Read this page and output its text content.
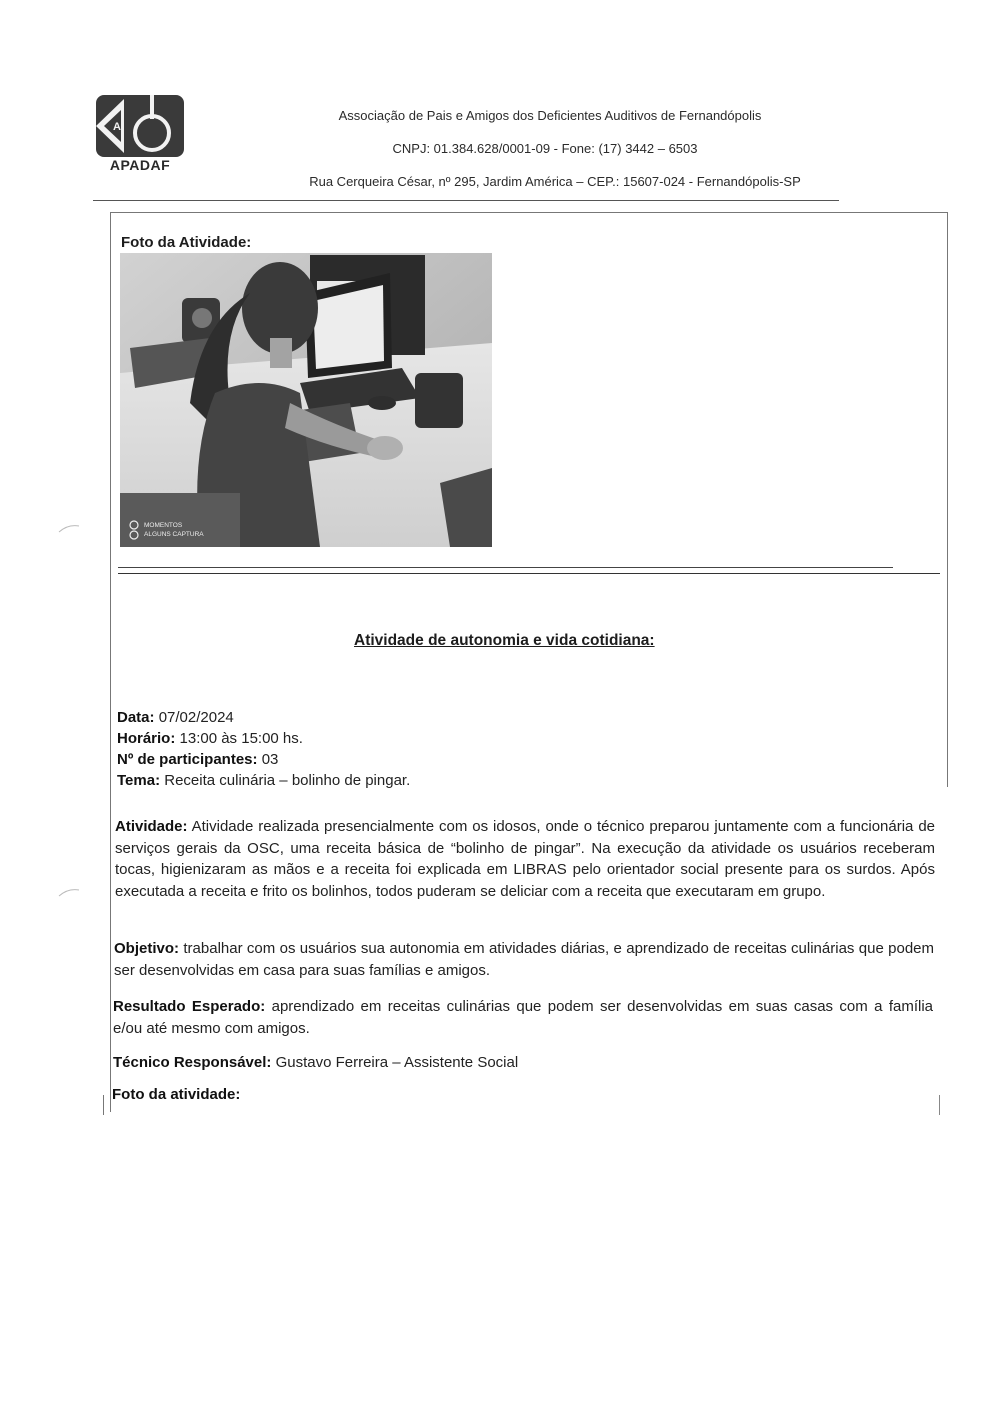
A
APADAF
Associação de Pais e Amigos dos Deficientes Auditivos de Fernandópolis
CNPJ: 01.384.628/0001-09 - Fone: (17) 3442 – 6503
Rua Cerqueira César, nº 295, Jardim América – CEP.: 15607-024 - Fernandópolis-SP
Foto da Atividade:
MOMENTOS
ALGUNS CAPTURA
Atividade de autonomia e vida cotidiana:
Data: 07/02/2024
Horário: 13:00 às 15:00 hs.
Nº de participantes: 03
Tema: Receita culinária – bolinho de pingar.
Atividade: Atividade realizada presencialmente com os idosos, onde o técnico preparou juntamente com a funcionária de serviços gerais da OSC, uma receita básica de “bolinho de pingar”. Na execução da atividade os usuários receberam tocas, higienizaram as mãos e a receita foi explicada em LIBRAS pelo orientador social presente para os surdos. Após executada a receita e frito os bolinhos, todos puderam se deliciar com a receita que executaram em grupo.
Objetivo: trabalhar com os usuários sua autonomia em atividades diárias, e aprendizado de receitas culinárias que podem ser desenvolvidas em casa para suas famílias e amigos.
Resultado Esperado: aprendizado em receitas culinárias que podem ser desenvolvidas em suas casas com a família e/ou até mesmo com amigos.
Técnico Responsável: Gustavo Ferreira – Assistente Social
Foto da atividade:
